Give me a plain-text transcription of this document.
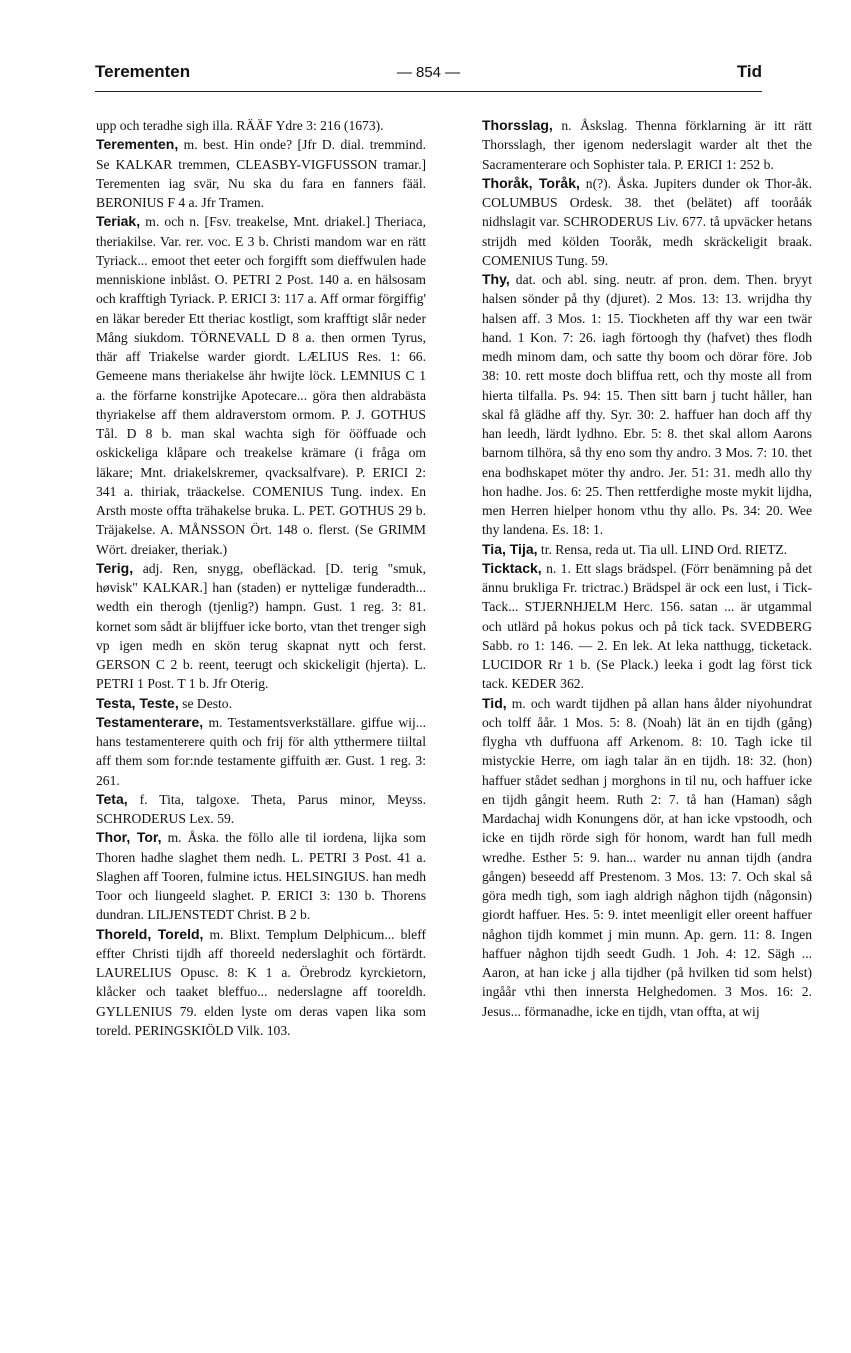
Terementen	— 854 —	Tid

upp och teradhe sigh illa. RÄÄF Ydre 3: 216 (1673).

Terementen, m. best. Hin onde? [Jfr D. dial. tremmind. Se KALKAR tremmen, CLEASBY-VIGFUSSON tramar.] Terementen iag svär, Nu ska du fara en fanners fääl. BERONIUS F 4 a. Jfr Tramen.

Teriak, m. och n. [Fsv. treakelse, Mnt. driakel.] Theriaca, theriakilse. Var. rer. voc. E 3 b. Christi mandom war en rätt Tyriack... emoot thet eeter och forgifft som dieffwulen hade menniskione inblåst. O. PETRI 2 Post. 140 a. en hälsosam och krafftigh Tyriack. P. ERICI 3: 117 a. Aff ormar förgiffig' en läkar bereder Ett theriac kostligt, som krafftigt slår neder Mång siukdom. TÖRNEVALL D 8 a. then ormen Tyrus, thär aff Triakelse warder giordt. LÆLIUS Res. 1: 66. Gemeene mans theriakelse ähr hwijte löck. LEMNIUS C 1 a. the förfarne konstrijke Apotecare... göra then aldrabästa thyriakelse aff them aldraverstom ormom. P. J. GOTHUS Tål. D 8 b. man skal wachta sigh för ööffuade och oskickeliga klåpare och treakelse krämare (i fråga om läkare; Mnt. driakelskremer, qvacksalfvare). P. ERICI 2: 341 a. thiriak, träackelse. COMENIUS Tung. index. En Arsth moste offta trähakelse bruka. L. PET. GOTHUS 29 b. Träjakelse. A. MÅNSSON Ört. 148 o. flerst. (Se GRIMM Wört. dreiaker, theriak.)

Terig, adj. Ren, snygg, obefläckad. [D. terig "smuk, høvisk" KALKAR.] han (staden) er nytteligæ funderadth... wedth ein therogh (tjenlig?) hampn. Gust. 1 reg. 3: 81. kornet som sådt är blijffuer icke borto, vtan thet trenger sigh vp igen medh en skön terug skapnat nytt och ferst. GERSON C 2 b. reent, teerugt och skickeligit (hjerta). L. PETRI 1 Post. T 1 b. Jfr Oterig.

Testa, Teste, se Desto.

Testamenterare, m. Testamentsverkställare. giffue wij... hans testamenterere quith och frij för alth ytthermere tiiltal aff them som for:nde testamente giffuith ær. Gust. 1 reg. 3: 261.

Teta, f. Tita, talgoxe. Theta, Parus minor, Meyss. SCHRODERUS Lex. 59.

Thor, Tor, m. Åska. the föllo alle til iordena, lijka som Thoren hadhe slaghet them nedh. L. PETRI 3 Post. 41 a. Slaghen aff Tooren, fulmine ictus. HELSINGIUS. han medh Toor och liungeeld slaghet. P. ERICI 3: 130 b. Thorens dundran. LILJENSTEDT Christ. B 2 b.

Thoreld, Toreld, m. Blixt. Templum Delphicum... bleff effter Christi tijdh aff thoreeld nederslaghit och förtärdt. LAURELIUS Opusc. 8: K 1 a. Örebrodz kyrckietorn, klåcker och taaket bleffuo... nederslagne aff tooreldh. GYLLENIUS 79. elden lyste om deras vapen lika som toreld. PERINGSKIÖLD Vilk. 103.

Thorsslag, n. Åskslag. Thenna förklarning är itt rätt Thorsslagh, ther igenom nederslagit warder alt thet the Sacramenterare och Sophister tala. P. ERICI 1: 252 b.

Thoråk, Toråk, n(?). Åska. Jupiters dunder ok Thor-åk. COLUMBUS Ordesk. 38. thet (belätet) aff tooråák nidhslagit var. SCHRODERUS Liv. 677. tå upväcker hetans strijdh med kölden Tooråk, medh skräckeligit braak. COMENIUS Tung. 59.

Thy, dat. och abl. sing. neutr. af pron. dem. Then. bryyt halsen sönder på thy (djuret). 2 Mos. 13: 13. wrijdha thy halsen aff. 3 Mos. 1: 15. Tiockheten aff thy war een twär hand. 1 Kon. 7: 26. iagh förtoogh thy (hafvet) thes flodh medh minom dam, och satte thy boom och dörar före. Job 38: 10. rett moste doch bliffua rett, och thy moste all from hierta tilfalla. Ps. 94: 15. Then sitt barn j tucht håller, han skal få glädhe aff thy. Syr. 30: 2. haffuer han doch aff thy han leedh, lärdt lydhno. Ebr. 5: 8. thet skal allom Aarons barnom tilhöra, så thy eno som thy andro. 3 Mos. 7: 10. thet ena bodhskapet möter thy andro. Jer. 51: 31. medh allo thy hon hadhe. Jos. 6: 25. Then rettferdighe moste mykit lijdha, men Herren hielper honom vthu thy allo. Ps. 34: 20. Wee thy landena. Es. 18: 1.

Tia, Tija, tr. Rensa, reda ut. Tia ull. LIND Ord. RIETZ.

Ticktack, n. 1. Ett slags brädspel. (Förr benämning på det ännu brukliga Fr. trictrac.) Brädspel är ock een lust, i Tick-Tack... STJERNHJELM Herc. 156. satan ... är utgammal och utlärd på hokus pokus och på tick tack. SVEDBERG Sabb. ro 1: 146. — 2. En lek. At leka natthugg, ticketack. LUCIDOR Rr 1 b. (Se Plack.) leeka i godt lag först tick tack. KEDER 362.

Tid, m. och wardt tijdhen på allan hans ålder niyohundrat och tolff åår. 1 Mos. 5: 8. (Noah) lät än en tijdh (gång) flygha vth duffuona aff Arkenom. 8: 10. Tagh icke til mistyckie Herre, om iagh talar än en tijdh. 18: 32. (hon) haffuer stådet sedhan j morghons in til nu, och haffuer icke en tijdh gångit heem. Ruth 2: 7. tå han (Haman) sågh Mardachaj widh Konungens dör, at han icke vpstoodh, och icke en tijdh rörde sigh för honom, wardt han full medh wredhe. Esther 5: 9. han... warder nu annan tijdh (andra gången) beseedd aff Prestenom. 3 Mos. 13: 7. Och skal så göra medh tigh, som iagh aldrigh någhon tijdh (någonsin) giordt haffuer. Hes. 5: 9. intet meenligit eller oreent haffuer någhon tijdh kommet j min munn. Ap. gern. 11: 8. Ingen haffuer någhon tijdh seedt Gudh. 1 Joh. 4: 12. Sägh ... Aaron, at han icke j alla tijdher (på hvilken tid som helst) ingåår vthi then innersta Helghedomen. 3 Mos. 16: 2. Jesus... förmanadhe, icke en tijdh, vtan offta, at wij
